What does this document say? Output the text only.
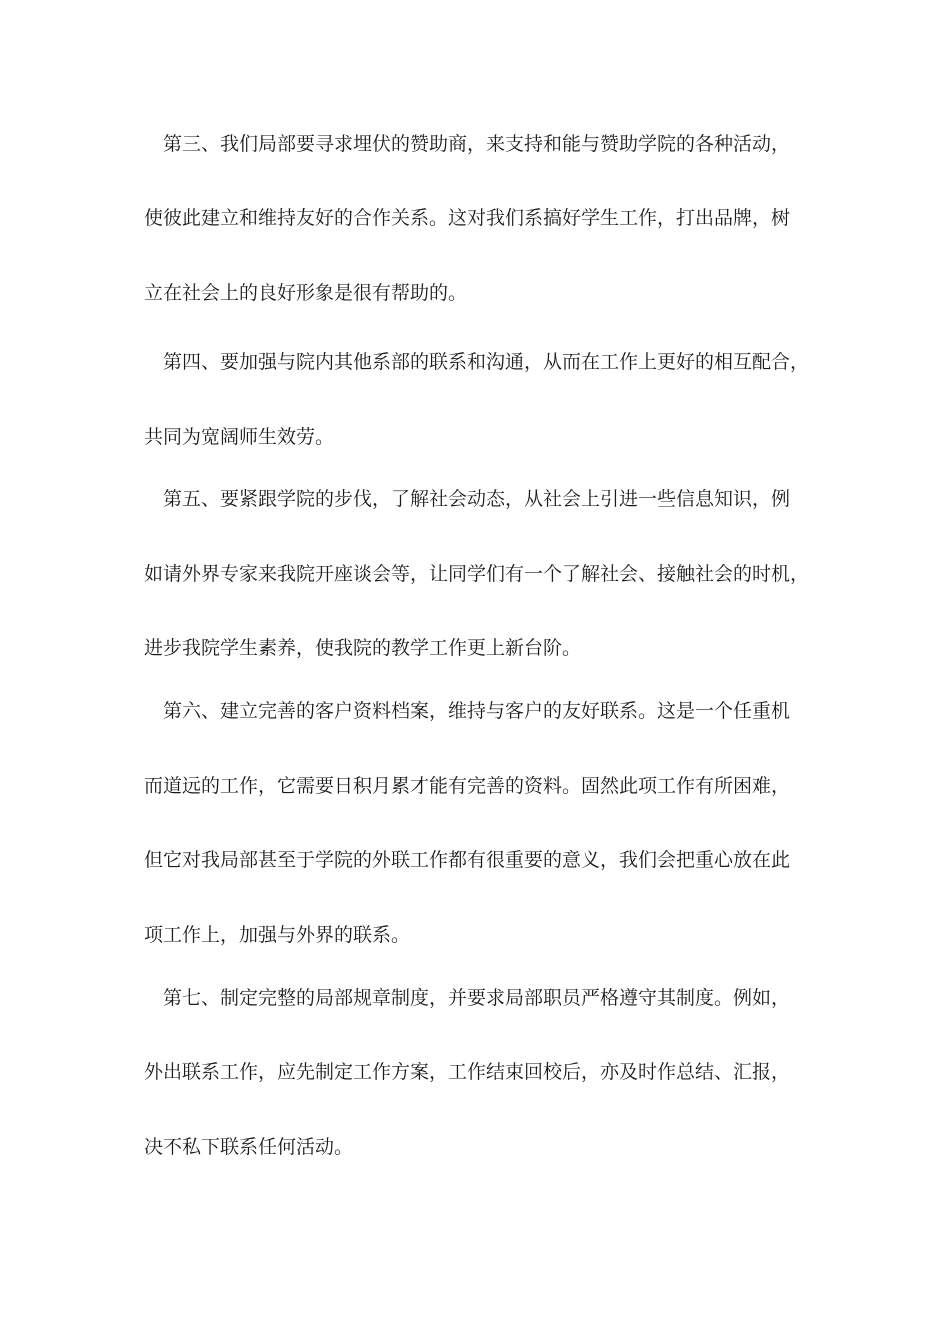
第三、我们局部要寻求埋伏的赞助商，来支持和能与赞助学院的各种活动，
使彼此建立和维持友好的合作关系。这对我们系搞好学生工作，打出品牌，树
立在社会上的良好形象是很有帮助的。
第四、要加强与院内其他系部的联系和沟通，从而在工作上更好的相互配合，
共同为宽阔师生效劳。
第五、要紧跟学院的步伐，了解社会动态，从社会上引进一些信息知识，例
如请外界专家来我院开座谈会等，让同学们有一个了解社会、接触社会的时机，
进步我院学生素养，使我院的教学工作更上新台阶。
第六、建立完善的客户资料档案，维持与客户的友好联系。这是一个任重机
而道远的工作，它需要日积月累才能有完善的资料。固然此项工作有所困难，
但它对我局部甚至于学院的外联工作都有很重要的意义，我们会把重心放在此
项工作上，加强与外界的联系。
第七、制定完整的局部规章制度，并要求局部职员严格遵守其制度。例如，
外出联系工作，应先制定工作方案，工作结束回校后，亦及时作总结、汇报，
决不私下联系任何活动。
